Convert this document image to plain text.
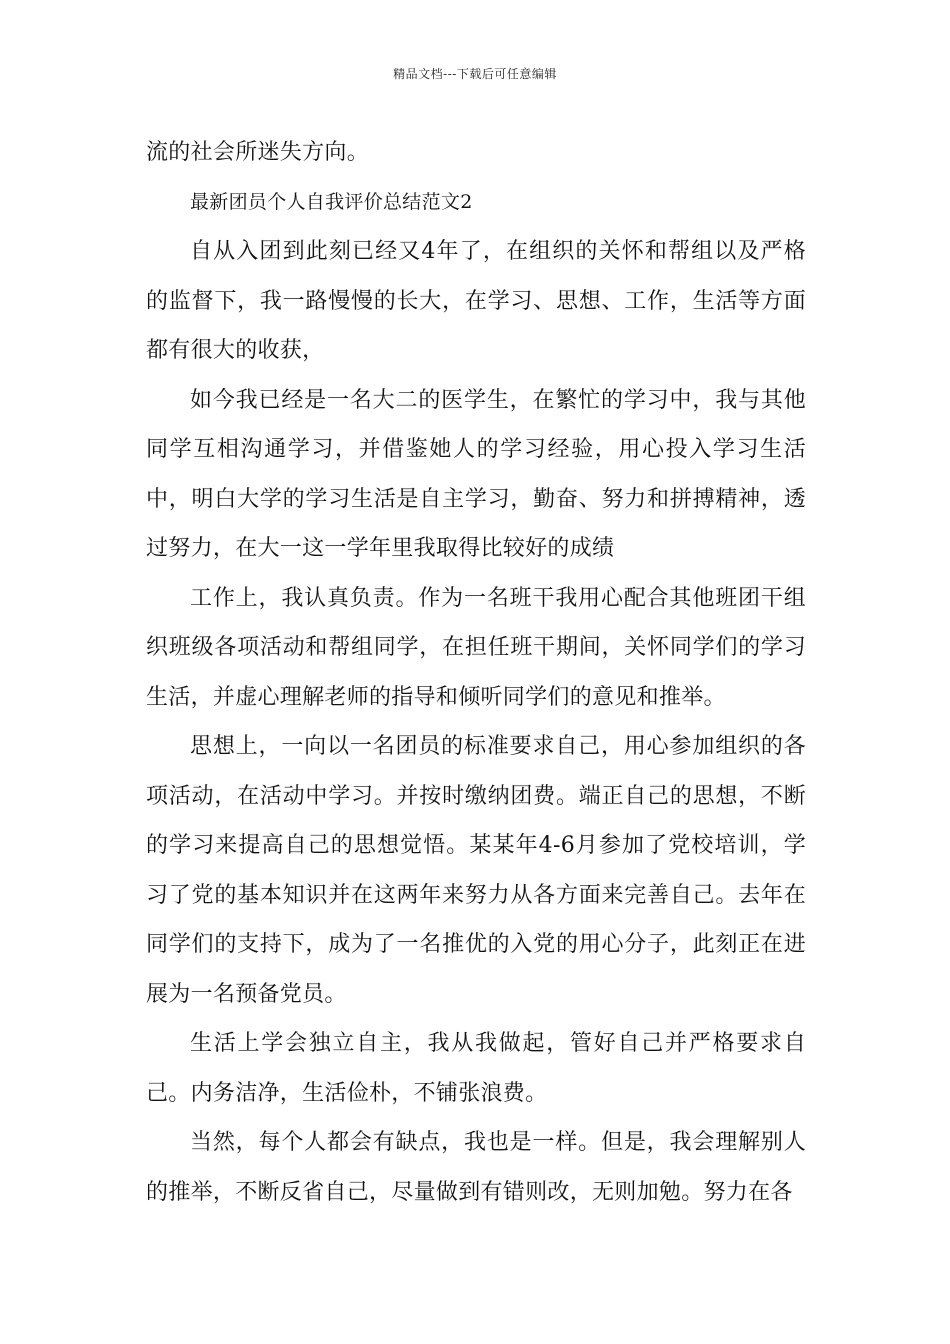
精品文档---下载后可任意编辑

流的社会所迷失方向。

最新团员个人自我评价总结范文2

自从入团到此刻已经又4年了，在组织的关怀和帮组以及严格的监督下，我一路慢慢的长大，在学习、思想、工作，生活等方面都有很大的收获，

如今我已经是一名大二的医学生，在繁忙的学习中，我与其他同学互相沟通学习，并借鉴她人的学习经验，用心投入学习生活中，明白大学的学习生活是自主学习，勤奋、努力和拼搏精神，透过努力，在大一这一学年里我取得比较好的成绩

工作上，我认真负责。作为一名班干我用心配合其他班团干组织班级各项活动和帮组同学，在担任班干期间，关怀同学们的学习生活，并虚心理解老师的指导和倾听同学们的意见和推举。

思想上，一向以一名团员的标准要求自己，用心参加组织的各项活动，在活动中学习。并按时缴纳团费。端正自己的思想，不断的学习来提高自己的思想觉悟。某某年4-6月参加了党校培训，学习了党的基本知识并在这两年来努力从各方面来完善自己。去年在同学们的支持下，成为了一名推优的入党的用心分子，此刻正在进展为一名预备党员。

生活上学会独立自主，我从我做起，管好自己并严格要求自己。内务洁净，生活俭朴，不铺张浪费。

当然，每个人都会有缺点，我也是一样。但是，我会理解别人的推举，不断反省自己，尽量做到有错则改，无则加勉。努力在各
